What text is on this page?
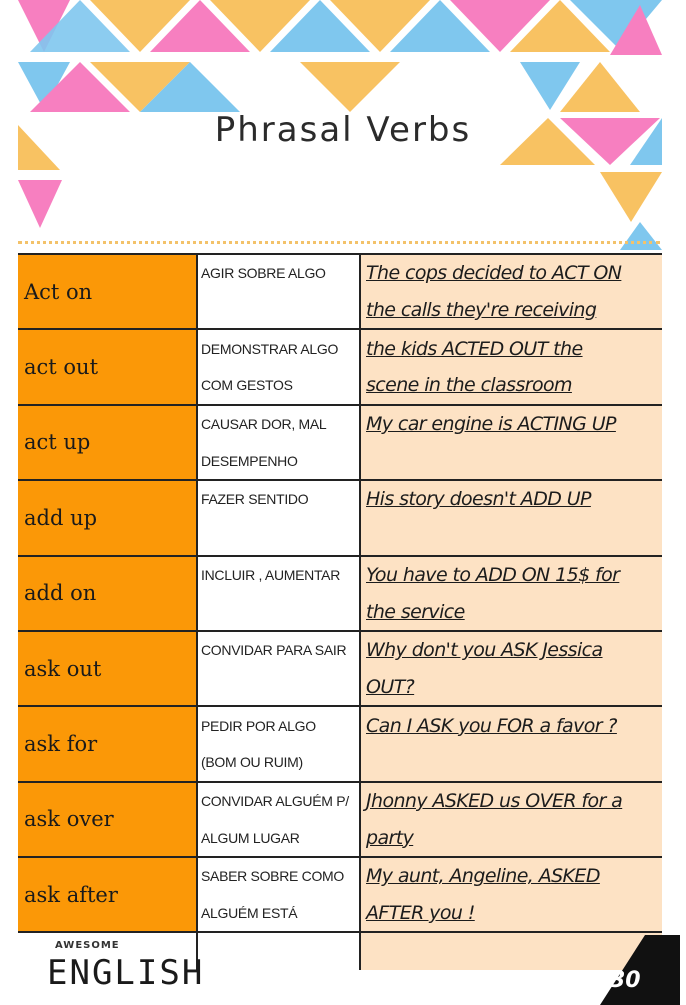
Phrasal Verbs
Act on	AGIR SOBRE ALGO	The cops decided to ACT ON
		the calls they're receiving
act out	DEMONSTRAR ALGO	the kids ACTED OUT the
	COM GESTOS	scene in the classroom
act up	CAUSAR DOR, MAL	My car engine is ACTING UP
	DESEMPENHO	
add up	FAZER SENTIDO	His story doesn't ADD UP

add on	INCLUIR , AUMENTAR	You have to ADD ON 15$ for
		the service
ask out	CONVIDAR PARA SAIR	Why don't you ASK Jessica
		OUT?
ask for	PEDIR POR ALGO	Can I ASK you FOR a favor ?
	(BOM OU RUIM)	
ask over	CONVIDAR ALGUÉM P/	Jhonny ASKED us OVER for a
	ALGUM LUGAR	party
ask after	SABER SOBRE COMO	My aunt, Angeline, ASKED
	ALGUÉM ESTÁ	AFTER you !

AWESOME
ENGLISH	30
